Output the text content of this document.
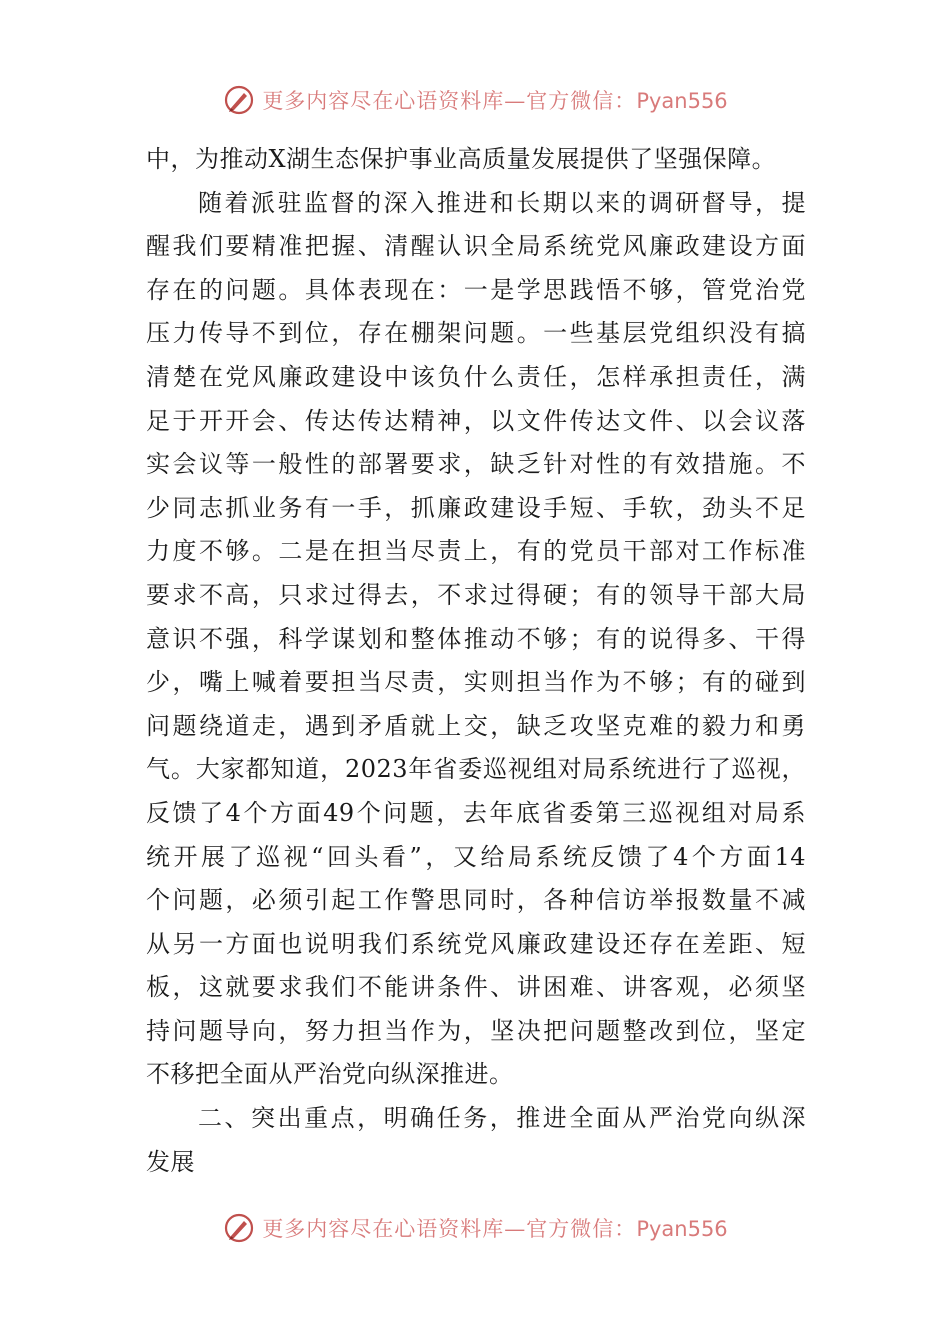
更多内容尽在心语资料库—官方微信：Pyan556
中，为推动X湖生态保护事业高质量发展提供了坚强保障。
随着派驻监督的深入推进和长期以来的调研督导，提
醒我们要精准把握、清醒认识全局系统党风廉政建设方面
存在的问题。具体表现在：一是学思践悟不够，管党治党
压力传导不到位，存在棚架问题。一些基层党组织没有搞
清楚在党风廉政建设中该负什么责任，怎样承担责任，满
足于开开会、传达传达精神，以文件传达文件、以会议落
实会议等一般性的部署要求，缺乏针对性的有效措施。不
少同志抓业务有一手，抓廉政建设手短、手软，劲头不足
力度不够。二是在担当尽责上，有的党员干部对工作标准
要求不高，只求过得去，不求过得硬；有的领导干部大局
意识不强，科学谋划和整体推动不够；有的说得多、干得
少，嘴上喊着要担当尽责，实则担当作为不够；有的碰到
问题绕道走，遇到矛盾就上交，缺乏攻坚克难的毅力和勇
气。大家都知道，2023年省委巡视组对局系统进行了巡视，
反馈了4个方面49个问题，去年底省委第三巡视组对局系
统开展了巡视“回头看”，又给局系统反馈了4个方面14
个问题，必须引起工作警思同时，各种信访举报数量不减
从另一方面也说明我们系统党风廉政建设还存在差距、短
板，这就要求我们不能讲条件、讲困难、讲客观，必须坚
持问题导向，努力担当作为，坚决把问题整改到位，坚定
不移把全面从严治党向纵深推进。
二、突出重点，明确任务，推进全面从严治党向纵深
发展
更多内容尽在心语资料库—官方微信：Pyan556
